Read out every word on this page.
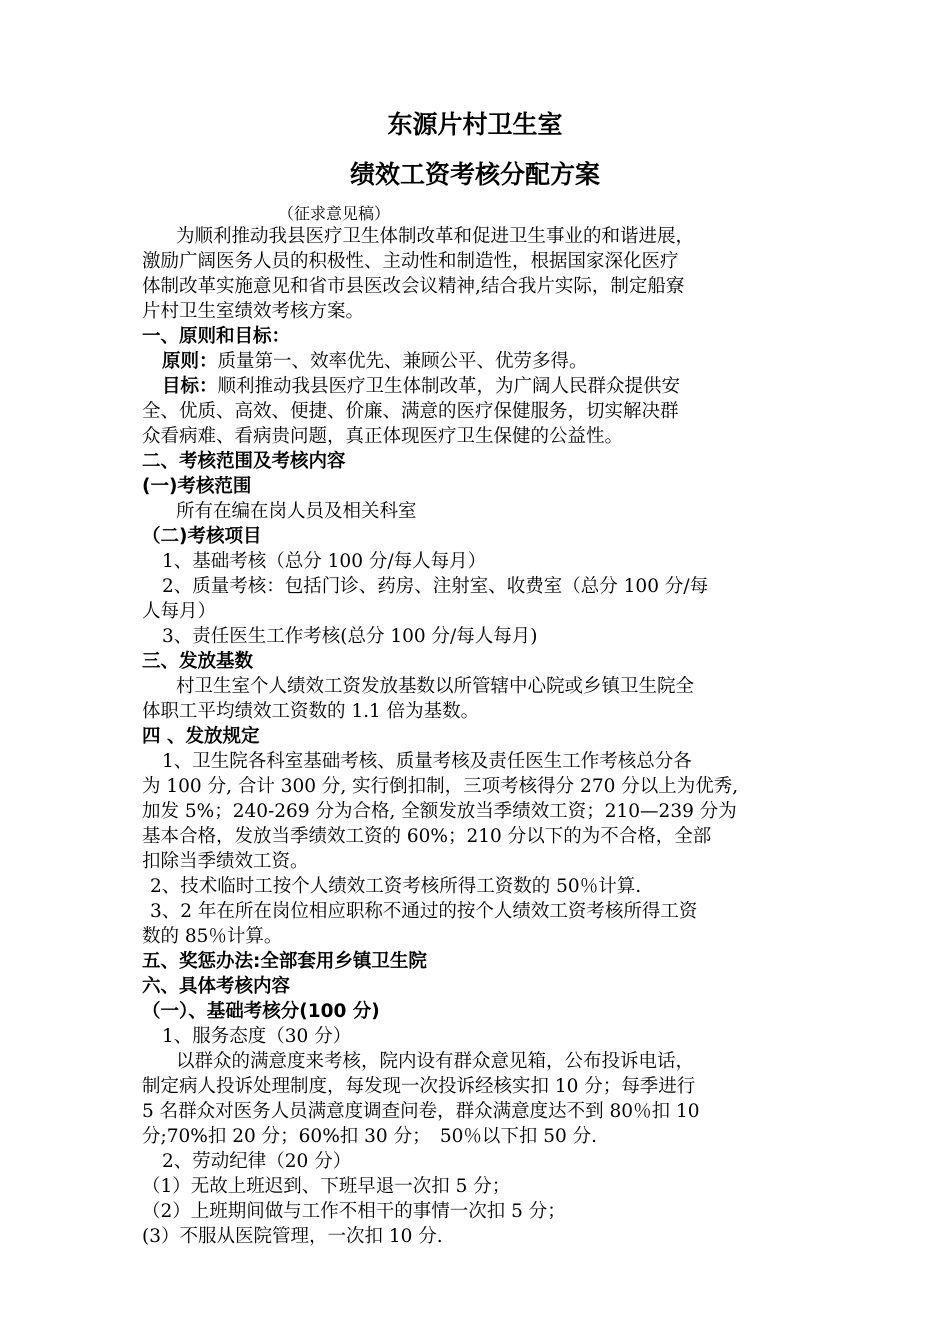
东源片村卫生室
绩效工资考核分配方案
（征求意见稿）
为顺利推动我县医疗卫生体制改革和促进卫生事业的和谐进展，
激励广阔医务人员的积极性、主动性和制造性，根据国家深化医疗
体制改革实施意见和省市县医改会议精神,结合我片实际，制定船寮
片村卫生室绩效考核方案。
一、原则和目标：
原则：质量第一、效率优先、兼顾公平、优劳多得。
目标：顺利推动我县医疗卫生体制改革，为广阔人民群众提供安
全、优质、高效、便捷、价廉、满意的医疗保健服务，切实解决群
众看病难、看病贵问题，真正体现医疗卫生保健的公益性。
二、考核范围及考核内容
(一)考核范围
所有在编在岗人员及相关科室
（二)考核项目
1、基础考核（总分 100 分/每人每月）
2、质量考核：包括门诊、药房、注射室、收费室（总分 100 分/每
人每月）
3、责任医生工作考核(总分 100 分/每人每月)
三、发放基数
村卫生室个人绩效工资发放基数以所管辖中心院或乡镇卫生院全
体职工平均绩效工资数的 1.1 倍为基数。
四 、发放规定
1、卫生院各科室基础考核、质量考核及责任医生工作考核总分各
为 100 分, 合计 300 分, 实行倒扣制，三项考核得分 270 分以上为优秀,
加发 5%；240-269 分为合格, 全额发放当季绩效工资；210—239 分为
基本合格，发放当季绩效工资的 60%；210 分以下的为不合格，全部
扣除当季绩效工资。
2、技术临时工按个人绩效工资考核所得工资数的 50％计算.
3、2 年在所在岗位相应职称不通过的按个人绩效工资考核所得工资
数的 85％计算。
五、奖惩办法:全部套用乡镇卫生院
六、具体考核内容
（一）、基础考核分(100 分)
1、服务态度（30 分）
以群众的满意度来考核，院内设有群众意见箱，公布投诉电话，
制定病人投诉处理制度，每发现一次投诉经核实扣 10 分；每季进行
5 名群众对医务人员满意度调查问卷，群众满意度达不到 80％扣 10
分;70%扣 20 分；60%扣 30 分；　50％以下扣 50 分.
2、劳动纪律（20 分）
（1）无故上班迟到、下班早退一次扣 5 分；
（2）上班期间做与工作不相干的事情一次扣 5 分；
(3）不服从医院管理，一次扣 10 分.
